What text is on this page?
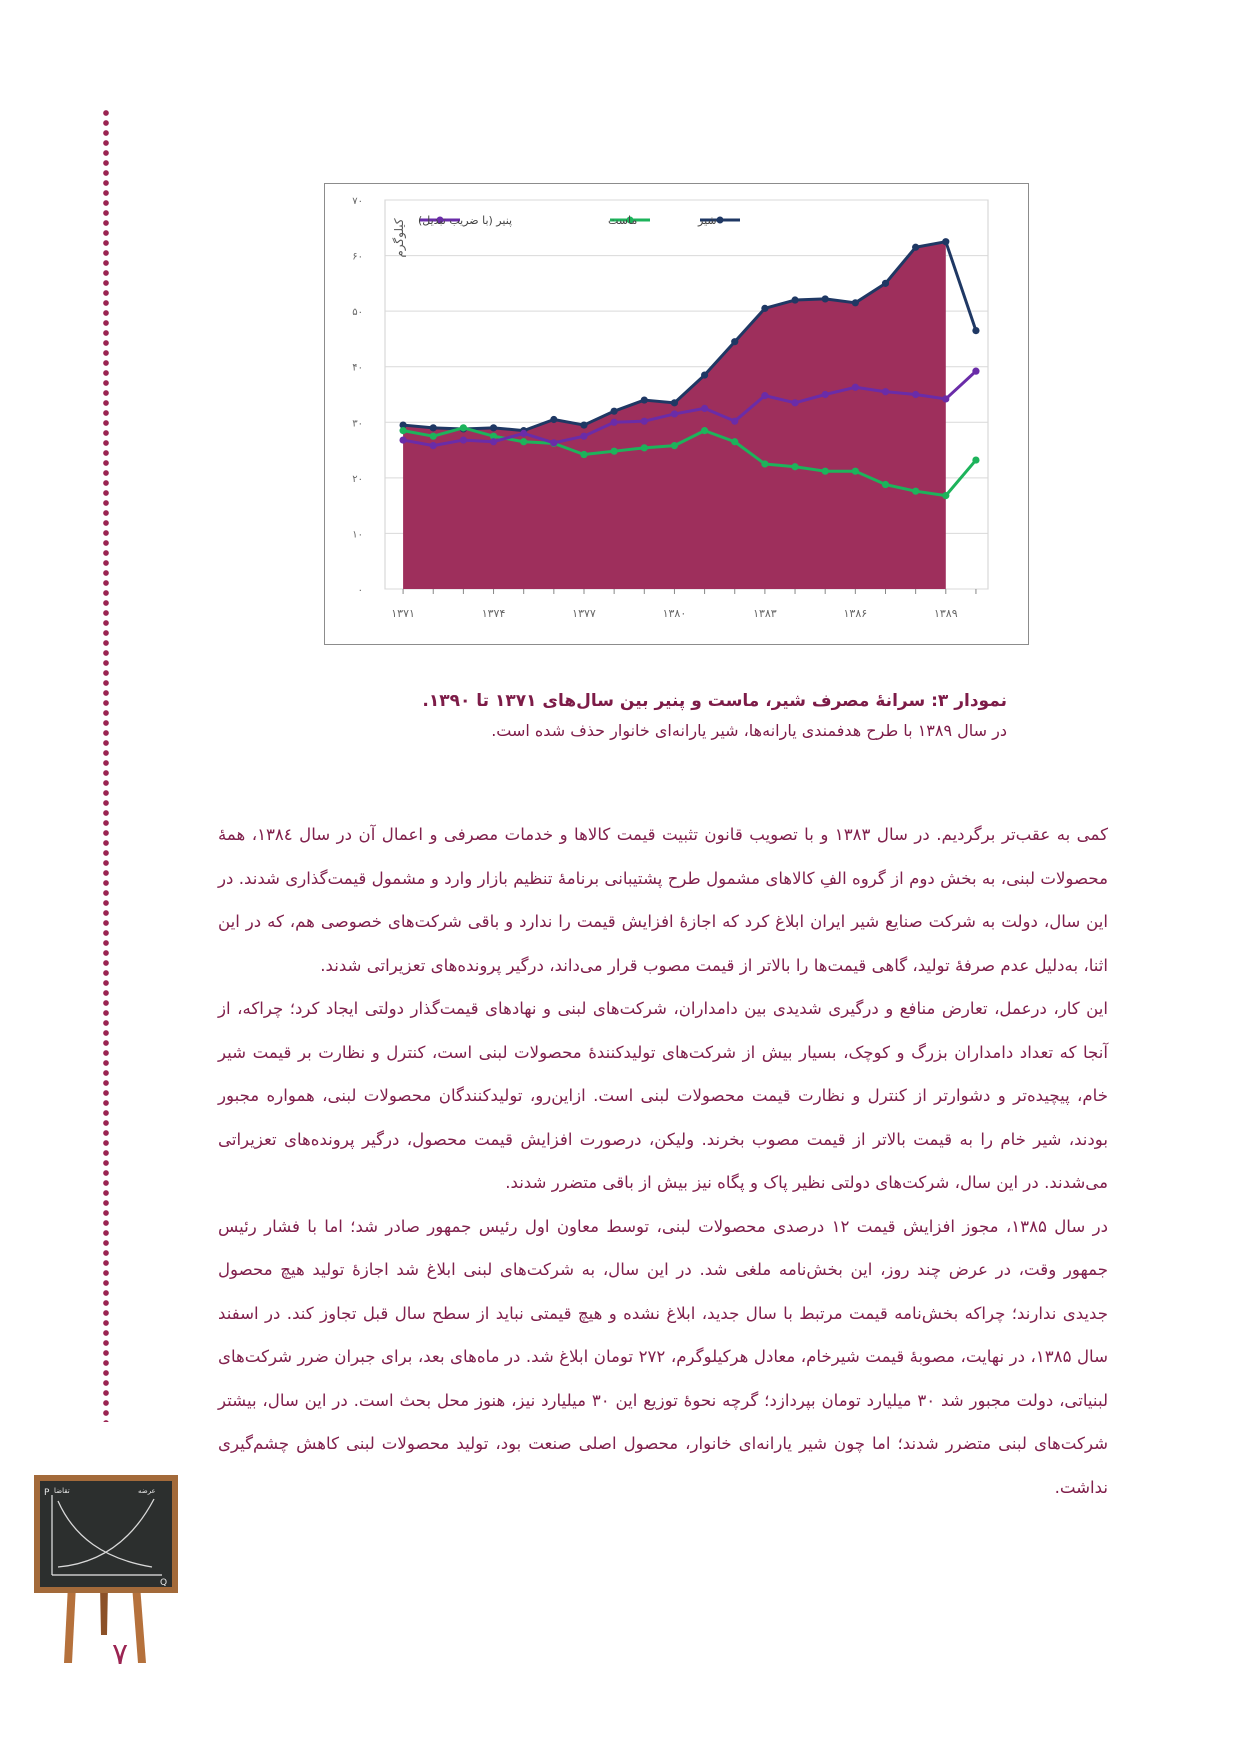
۰
۱۰
۲۰
۳۰
۴۰
۵۰
۶۰
۷۰
۱۳۷۱	۱۳۷۴	۱۳۷۷	۱۳۸۰	۱۳۸۳	۱۳۸۶	۱۳۸۹
کیلوگرم	شیر
ماست
پنیر (با ضریب تبدیل)
نمودار ۳: سرانۀ مصرف شیر، ماست و پنیر بین سال‌های ۱۳۷۱ تا ۱۳۹۰.
در سال ۱۳۸۹ با طرح هدفمندی یارانه‌ها، شیر یارانه‌ای خانوار حذف شده است.

کمی به عقب‌تر برگردیم. در سال ۱۳۸۳ و با تصویب قانون تثبیت قیمت کالاها و خدمات مصرفی و اعمال آن در سال ۱۳۸٤، همۀ محصولات لبنی، به بخش دوم از گروه الفِ کالاهای مشمول طرح پشتیبانی برنامۀ تنظیم بازار وارد و مشمول قیمت‌گذاری شدند. در این سال، دولت به شرکت صنایع شیر ایران ابلاغ کرد که اجازۀ افزایش قیمت را ندارد و باقی شرکت‌های خصوصی هم، که در این اثنا، به‌دلیل عدم صرفۀ تولید، گاهی قیمت‌ها را بالاتر از قیمت مصوب قرار می‌داند، درگیر پرونده‌های تعزیراتی شدند.

این کار، درعمل، تعارض منافع و درگیری شدیدی بین دامداران، شرکت‌های لبنی و نهادهای قیمت‌گذار دولتی ایجاد کرد؛ چراکه، از آنجا که تعداد دامداران بزرگ و کوچک، بسیار بیش از شرکت‌های تولیدکنندۀ محصولات لبنی است، کنترل و نظارت بر قیمت شیر خام، پیچیده‌تر و دشوارتر از کنترل و نظارت قیمت محصولات لبنی است. ازاین‌رو، تولیدکنندگان محصولات لبنی، همواره مجبور بودند، شیر خام را به قیمت بالاتر از قیمت مصوب بخرند. ولیکن، درصورت افزایش قیمت محصول، درگیر پرونده‌های تعزیراتی می‌شدند. در این سال، شرکت‌های دولتی نظیر پاک و پگاه نیز بیش از باقی متضرر شدند.

در سال ۱۳۸۵، مجوز افزایش قیمت ۱۲ درصدی محصولات لبنی، توسط معاون اول رئیس جمهور صادر شد؛ اما با فشار رئیس جمهور وقت، در عرض چند روز، این بخش‌نامه ملغی شد. در این سال، به شرکت‌های لبنی ابلاغ شد اجازۀ تولید هیچ محصول جدیدی ندارند؛ چراکه بخش‌نامه قیمت مرتبط با سال جدید، ابلاغ نشده و هیچ قیمتی نباید از سطح سال قبل تجاوز کند. در اسفند سال ۱۳۸۵، در نهایت، مصوبۀ قیمت شیرخام، معادل هرکیلوگرم، ۲۷۲ تومان ابلاغ شد. در ماه‌های بعد، برای جبران ضرر شرکت‌های لبنیاتی، دولت مجبور شد ۳۰ میلیارد تومان بپردازد؛ گرچه نحوۀ توزیع این ۳۰ میلیارد نیز، هنوز محل بحث است. در این سال، بیشتر شرکت‌های لبنی متضرر شدند؛ اما چون شیر یارانه‌ای خانوار، محصول اصلی صنعت بود، تولید محصولات لبنی کاهش چشم‌گیری نداشت.

P
Q
تقاضا	عرضه
۷
